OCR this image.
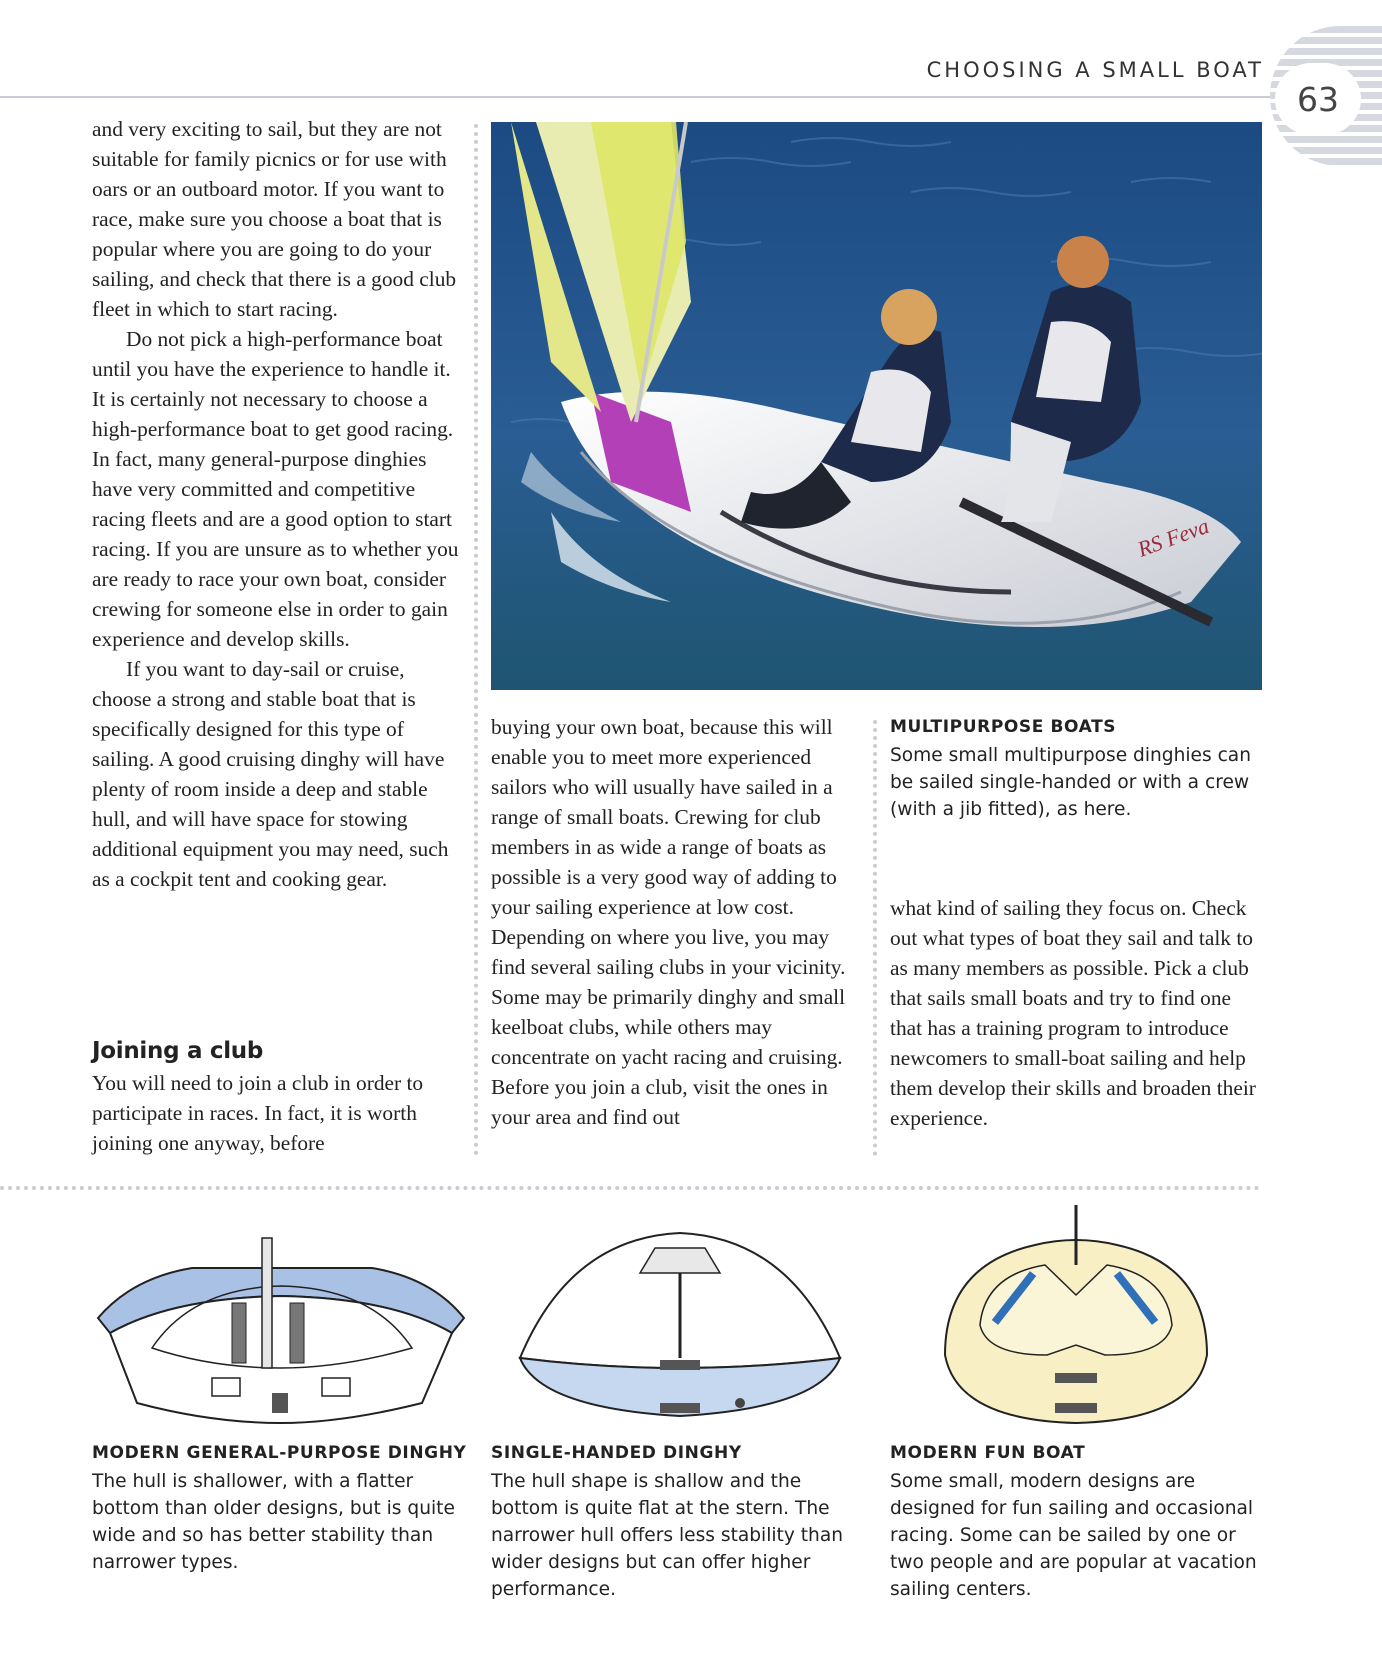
CHOOSING A SMALL BOAT
63

and very exciting to sail, but they are not suitable for family picnics or for use with oars or an outboard motor. If you want to race, make sure you choose a boat that is popular where you are going to do your sailing, and check that there is a good club fleet in which to start racing.

Do not pick a high-performance boat until you have the experience to handle it. It is certainly not necessary to choose a high-performance boat to get good racing. In fact, many general-purpose dinghies have very committed and competitive racing fleets and are a good option to start racing. If you are unsure as to whether you are ready to race your own boat, consider crewing for someone else in order to gain experience and develop skills.

If you want to day-sail or cruise, choose a strong and stable boat that is specifically designed for this type of sailing. A good cruising dinghy will have plenty of room inside a deep and stable hull, and will have space for stowing additional equipment you may need, such as a cockpit tent and cooking gear.

Joining a club

You will need to join a club in order to participate in races. In fact, it is worth joining one anyway, before

RS Feva
MULTIPURPOSE BOATS
Some small multipurpose dinghies can be sailed single-handed or with a crew (with a jib fitted), as here.

buying your own boat, because this will enable you to meet more experienced sailors who will usually have sailed in a range of small boats. Crewing for club members in as wide a range of boats as possible is a very good way of adding to your sailing experience at low cost. Depending on where you live, you may find several sailing clubs in your vicinity. Some may be primarily dinghy and small keelboat clubs, while others may concentrate on yacht racing and cruising. Before you join a club, visit the ones in your area and find out

what kind of sailing they focus on. Check out what types of boat they sail and talk to as many members as possible. Pick a club that sails small boats and try to find one that has a training program to introduce newcomers to small-boat sailing and help them develop their skills and broaden their experience.

MODERN GENERAL-PURPOSE DINGHY
The hull is shallower, with a flatter bottom than older designs, but is quite wide and so has better stability than narrower types.
SINGLE-HANDED DINGHY
The hull shape is shallow and the bottom is quite flat at the stern. The narrower hull offers less stability than wider designs but can offer higher performance.
MODERN FUN BOAT
Some small, modern designs are designed for fun sailing and occasional racing. Some can be sailed by one or two people and are popular at vacation sailing centers.
